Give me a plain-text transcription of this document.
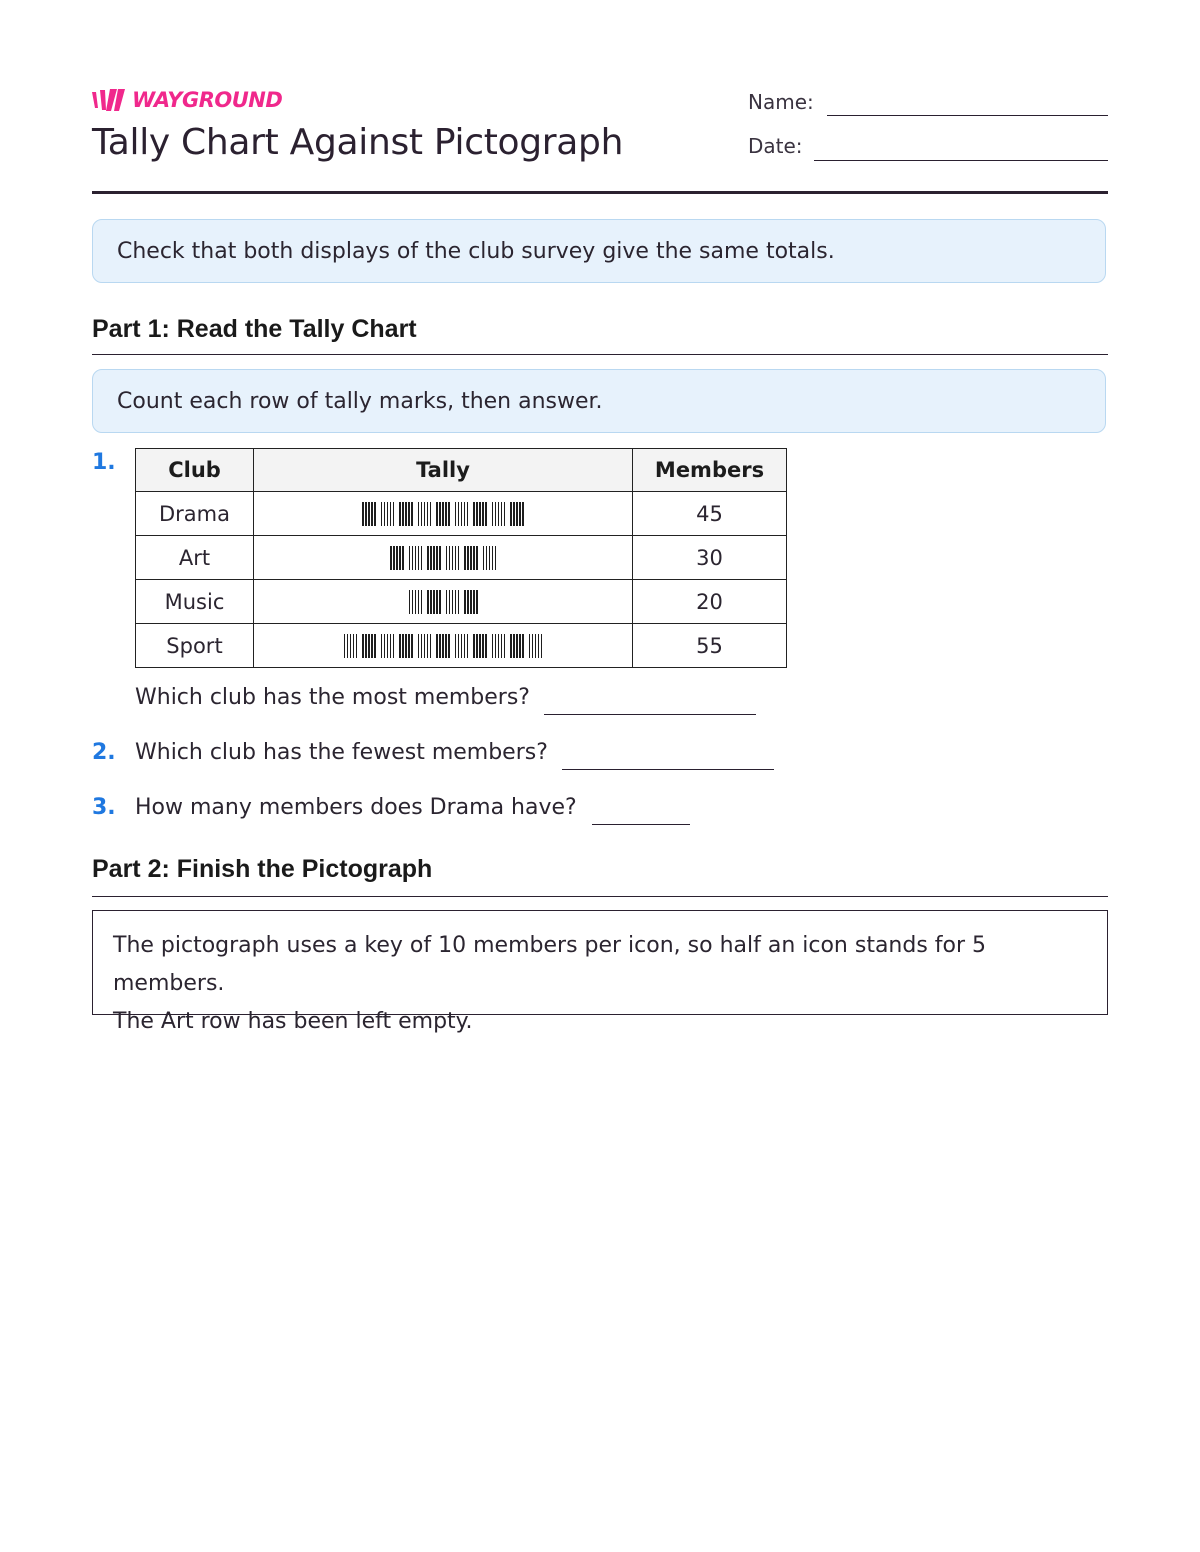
WAYGROUND
Tally Chart Against Pictograph
Name:
Date:
Check that both displays of the club survey give the same totals.
Part 1: Read the Tally Chart
Count each row of tally marks, then answer.
1.	Club	Tally	Members
Drama		45
Art		30
Music		20
Sport		55
Which club has the most members?
2. Which club has the fewest members?
3. How many members does Drama have?
Part 2: Finish the Pictograph
The pictograph uses a key of 10 members per icon, so half an icon stands for 5 members.
The Art row has been left empty.
